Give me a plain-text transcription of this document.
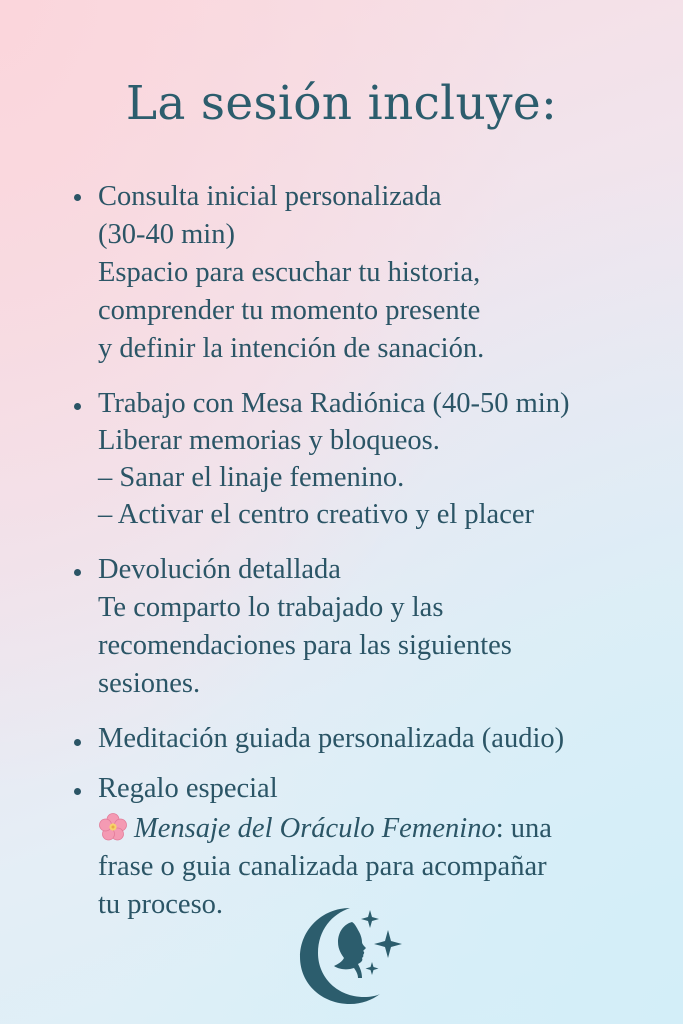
La sesión incluye:
Consulta inicial personalizada
(30-40 min)
Espacio para escuchar tu historia,
comprender tu momento presente
y definir la intención de sanación.
Trabajo con Mesa Radiónica (40-50 min)
Liberar memorias y bloqueos.
– Sanar el linaje femenino.
– Activar el centro creativo y el placer
Devolución detallada
Te comparto lo trabajado y las
recomendaciones para las siguientes
sesiones.
Meditación guiada personalizada (audio)
Regalo especial
Mensaje del Oráculo Femenino: una
frase o guia canalizada para acompañar
tu proceso.
